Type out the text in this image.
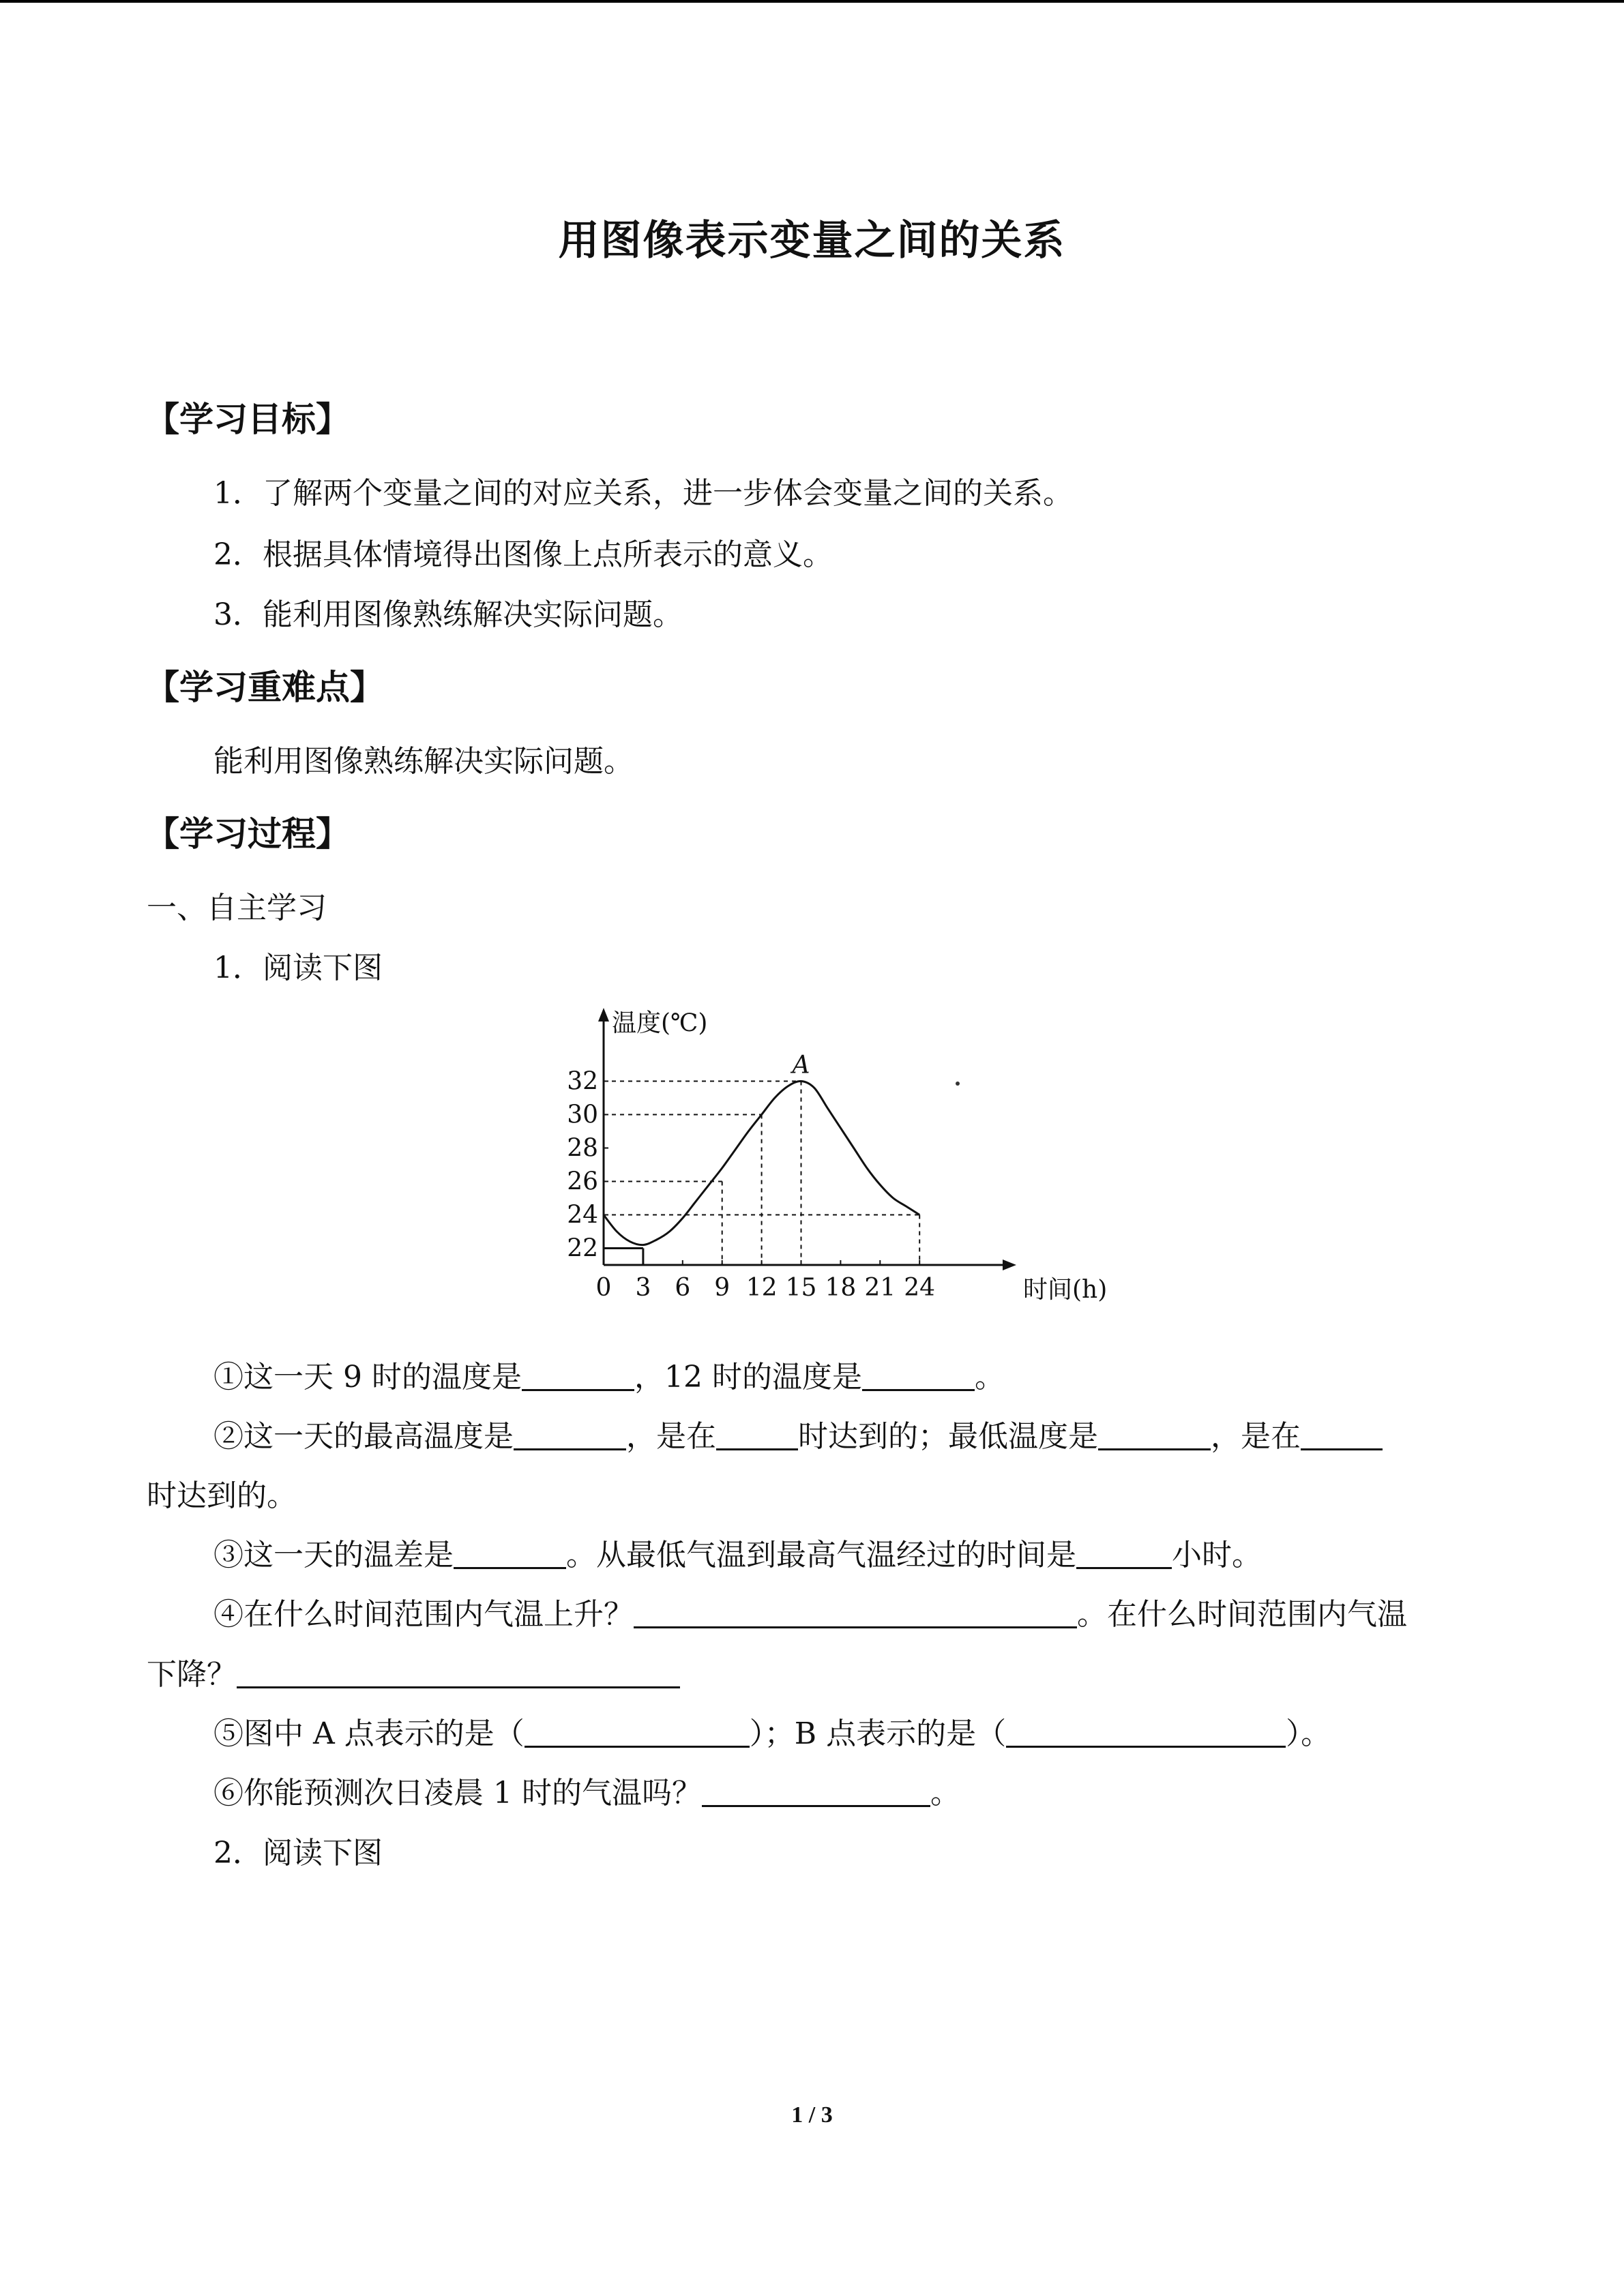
用图像表示变量之间的关系
【学习目标】
1．了解两个变量之间的对应关系，进一步体会变量之间的关系。
2．根据具体情境得出图像上点所表示的意义。
3．能利用图像熟练解决实际问题。
【学习重难点】
能利用图像熟练解决实际问题。
【学习过程】
一、自主学习
1．阅读下图
温度(℃)
时间(h)
0 3 6 9 12 15 18 21 24
22
24
26
28
30
32
A
①这一天 9 时的温度是	，12 时的温度是	。
②这一天的最高温度是	，是在	时达到的；最低温度是	，是在
时达到的。
③这一天的温差是	。从最低气温到最高气温经过的时间是	小时。
④在什么时间范围内气温上升？	。在什么时间范围内气温
下降？
⑤图中 A 点表示的是（	）；B 点表示的是（	）。
⑥你能预测次日凌晨 1 时的气温吗？	。
2．阅读下图
1 / 3
